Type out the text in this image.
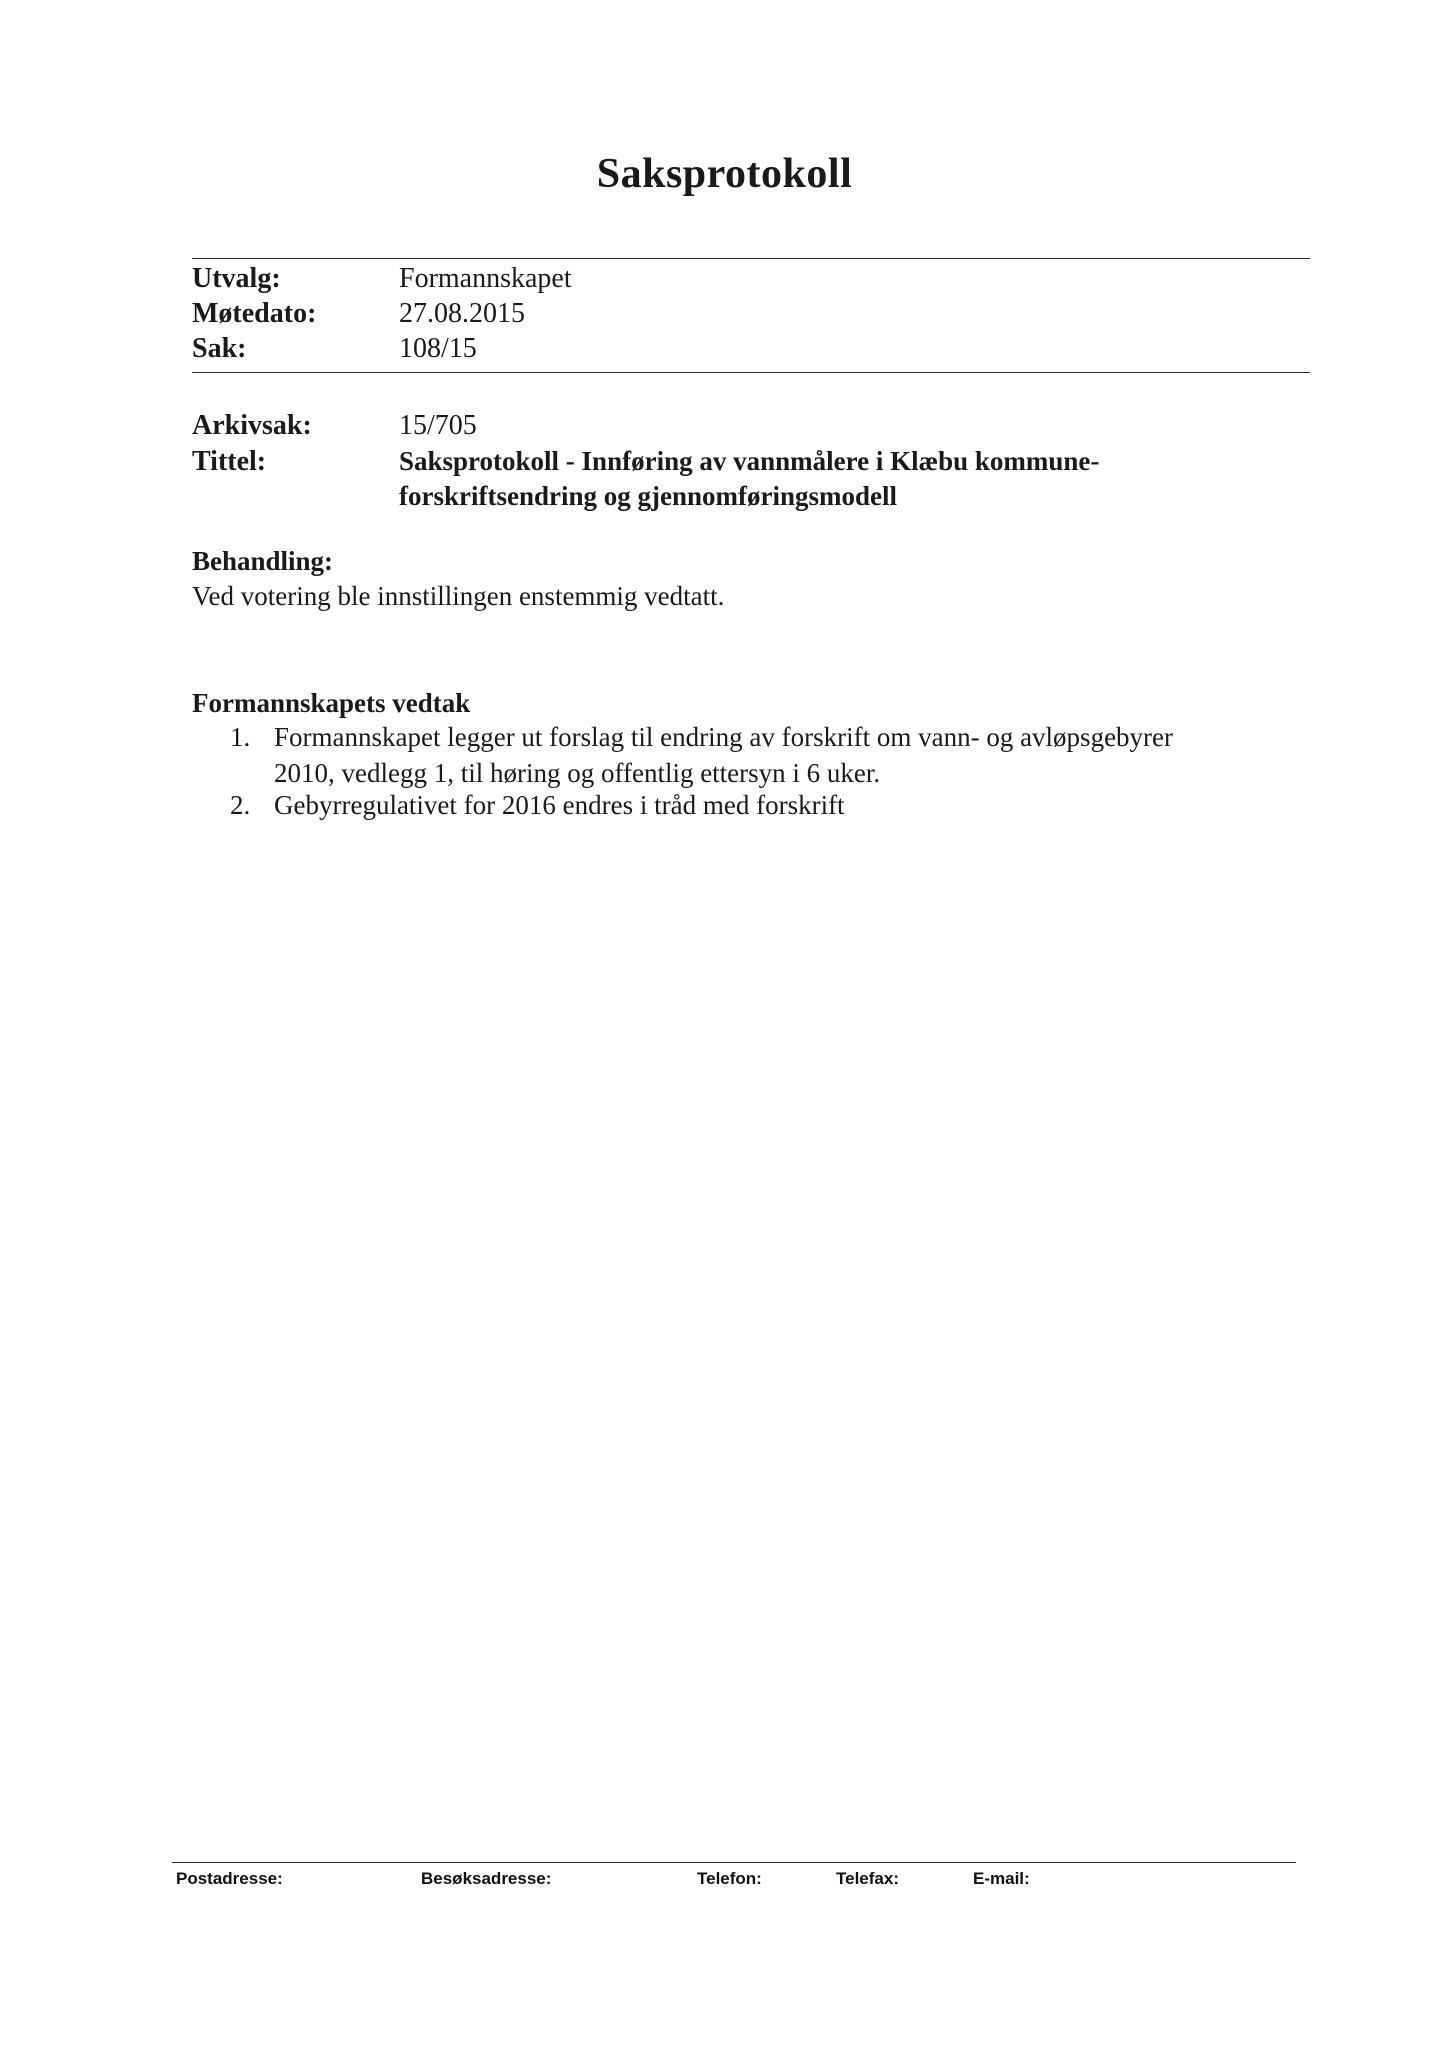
Saksprotokoll
Utvalg:	Formannskapet
Møtedato:	27.08.2015
Sak:	108/15
Arkivsak:	15/705
Tittel:	Saksprotokoll - Innføring av vannmålere i Klæbu kommune-
forskriftsendring og gjennomføringsmodell
Behandling:
Ved votering ble innstillingen enstemmig vedtatt.
Formannskapets vedtak
1. Formannskapet legger ut forslag til endring av forskrift om vann- og avløpsgebyrer
2010, vedlegg 1, til høring og offentlig ettersyn i 6 uker.
2. Gebyrregulativet for 2016 endres i tråd med forskrift
Postadresse:	Besøksadresse:	Telefon:	Telefax:	E-mail:
